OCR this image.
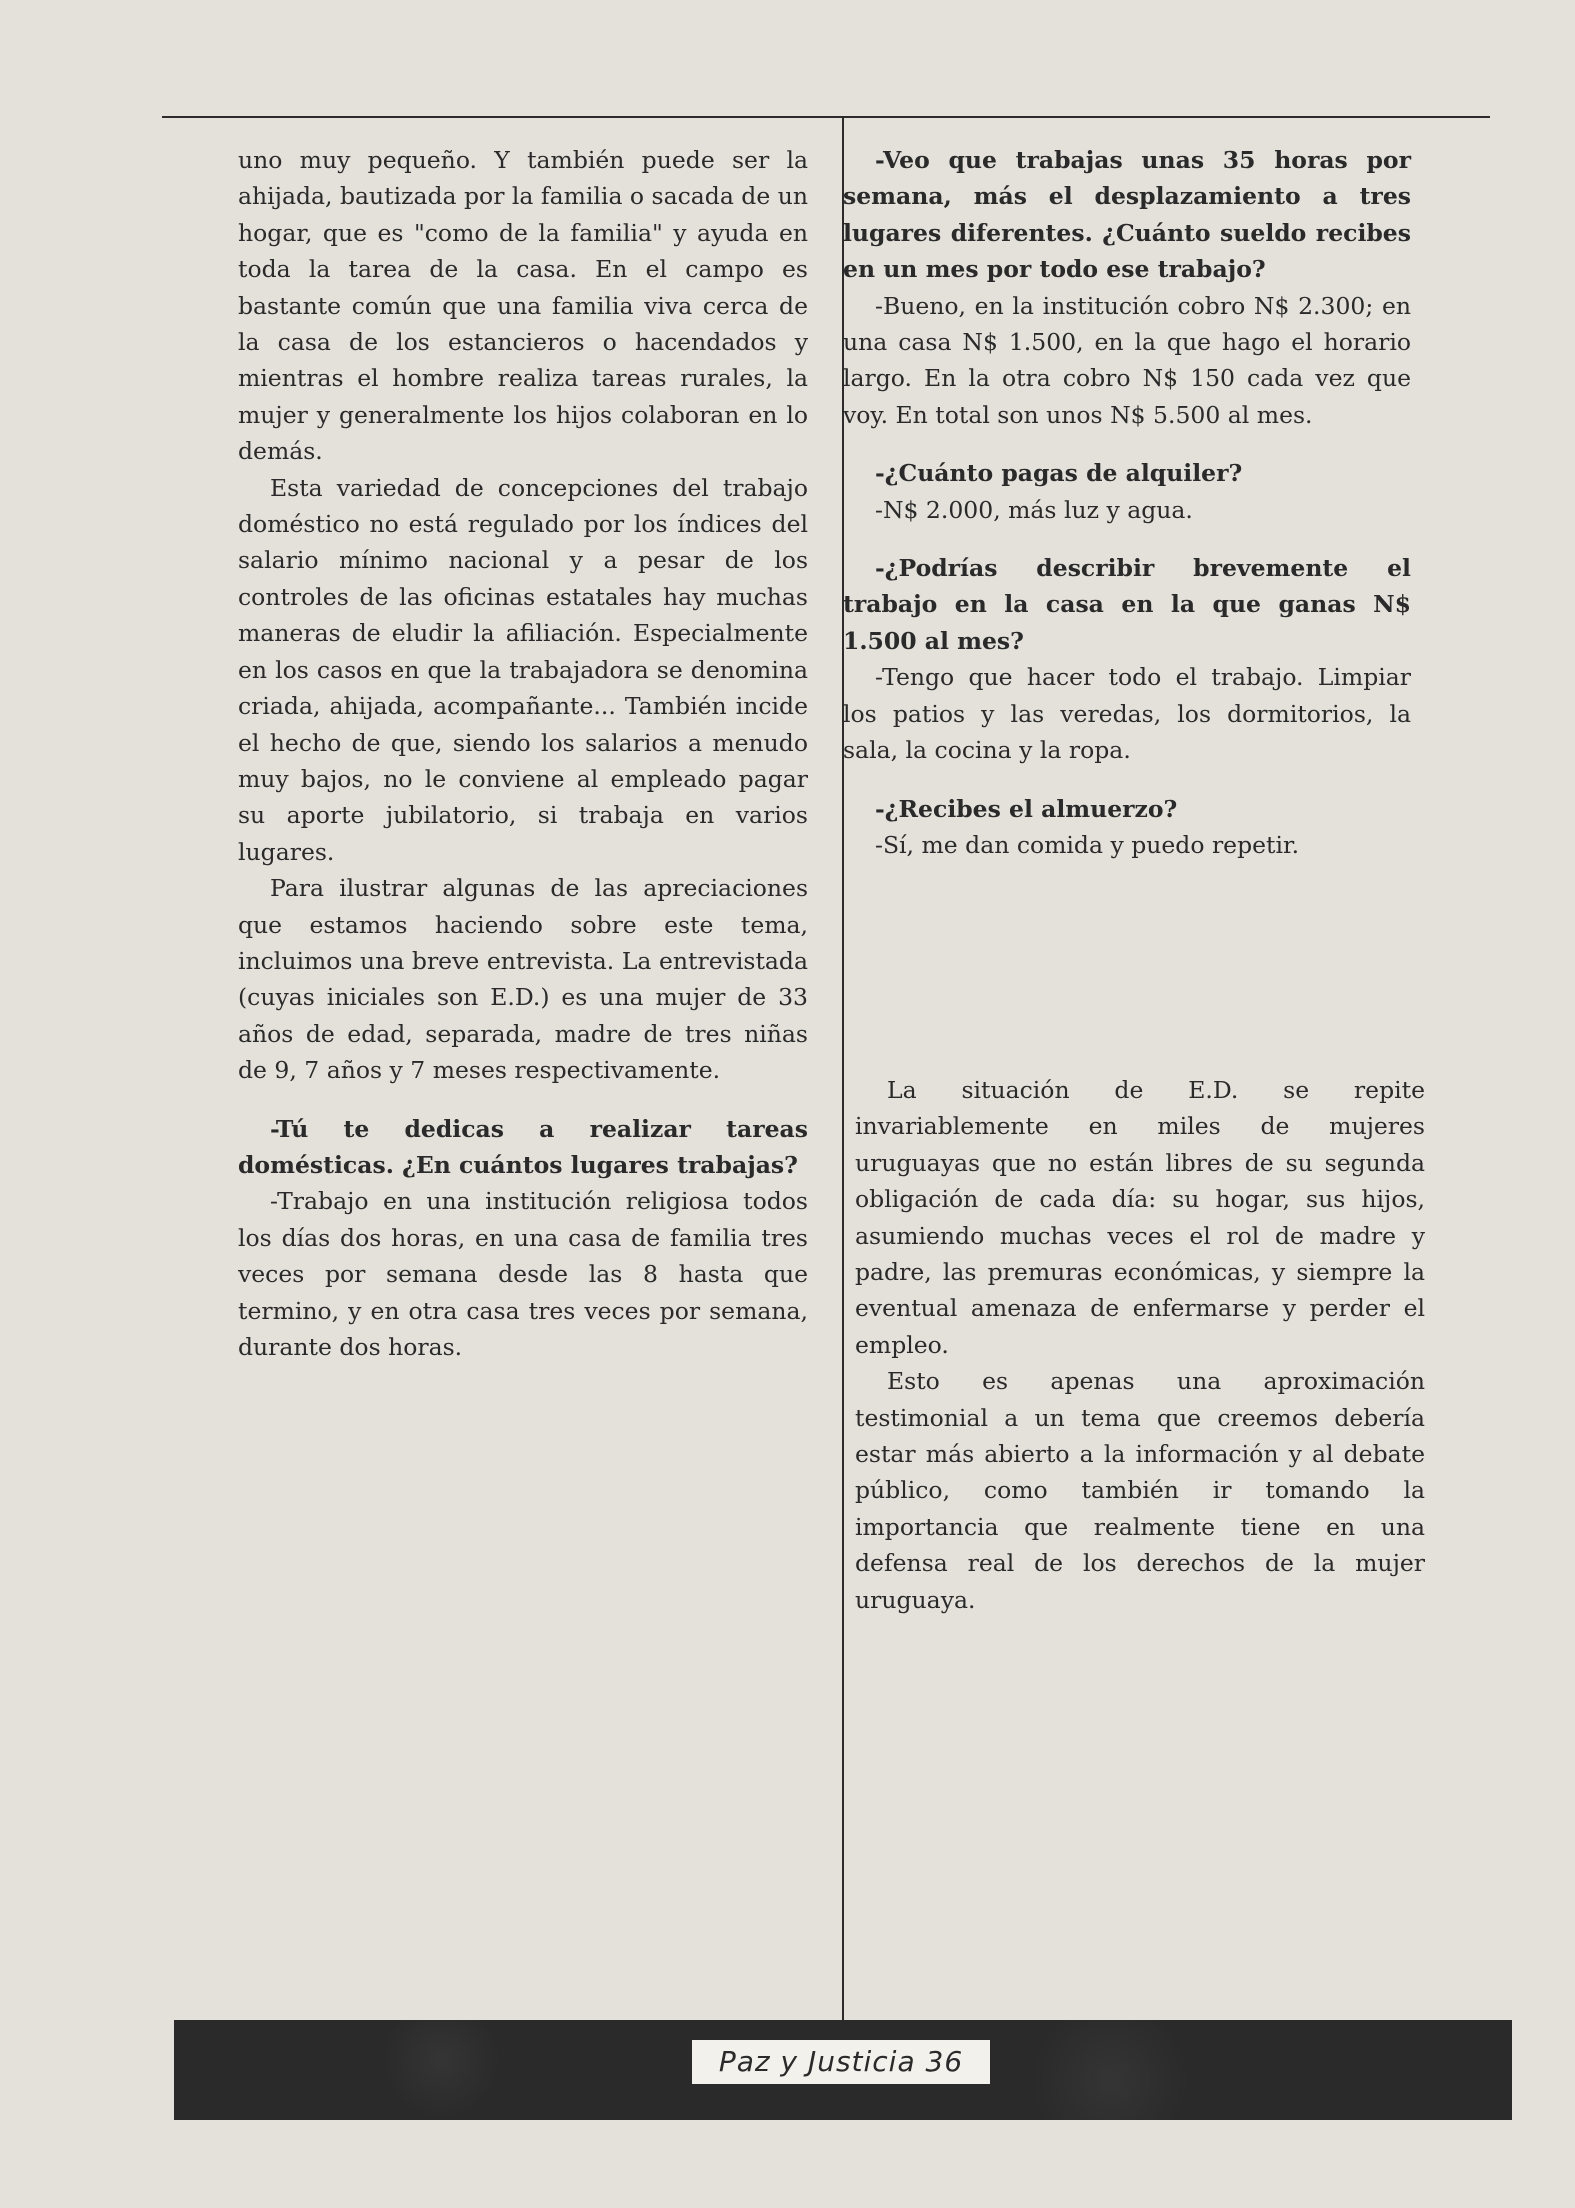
uno muy pequeño. Y también puede ser la ahijada, bautizada por la familia o sacada de un hogar, que es "como de la familia" y ayuda en toda la tarea de la casa. En el campo es bastante común que una familia viva cerca de la casa de los estancieros o hacendados y mientras el hombre realiza tareas rurales, la mujer y generalmente los hijos colaboran en lo demás.

Esta variedad de concepciones del trabajo doméstico no está regulado por los índices del salario mínimo nacional y a pesar de los controles de las oficinas estatales hay muchas maneras de eludir la afiliación. Especialmente en los casos en que la trabajadora se denomina criada, ahijada, acompañante... También incide el hecho de que, siendo los salarios a menudo muy bajos, no le conviene al empleado pagar su aporte jubilatorio, si trabaja en varios lugares.

Para ilustrar algunas de las apreciaciones que estamos haciendo sobre este tema, incluimos una breve entrevista. La entrevistada (cuyas iniciales son E.D.) es una mujer de 33 años de edad, separada, madre de tres niñas de 9, 7 años y 7 meses respectivamente.

-Tú te dedicas a realizar tareas domésticas. ¿En cuántos lugares trabajas?

-Trabajo en una institución religiosa todos los días dos horas, en una casa de familia tres veces por semana desde las 8 hasta que termino, y en otra casa tres veces por semana, durante dos horas.

-Veo que trabajas unas 35 horas por semana, más el desplazamiento a tres lugares diferentes. ¿Cuánto sueldo recibes en un mes por todo ese trabajo?

-Bueno, en la institución cobro N$ 2.300; en una casa N$ 1.500, en la que hago el horario largo. En la otra cobro N$ 150 cada vez que voy. En total son unos N$ 5.500 al mes.

-¿Cuánto pagas de alquiler?

-N$ 2.000, más luz y agua.

-¿Podrías describir brevemente el trabajo en la casa en la que ganas N$ 1.500 al mes?

-Tengo que hacer todo el trabajo. Limpiar los patios y las veredas, los dormitorios, la sala, la cocina y la ropa.

-¿Recibes el almuerzo?

-Sí, me dan comida y puedo repetir.

La situación de E.D. se repite invariablemente en miles de mujeres uruguayas que no están libres de su segunda obligación de cada día: su hogar, sus hijos, asumiendo muchas veces el rol de madre y padre, las premuras económicas, y siempre la eventual amenaza de enfermarse y perder el empleo.

Esto es apenas una aproximación testimonial a un tema que creemos debería estar más abierto a la información y al debate público, como también ir tomando la importancia que realmente tiene en una defensa real de los derechos de la mujer uruguaya.

Paz y Justicia 36
